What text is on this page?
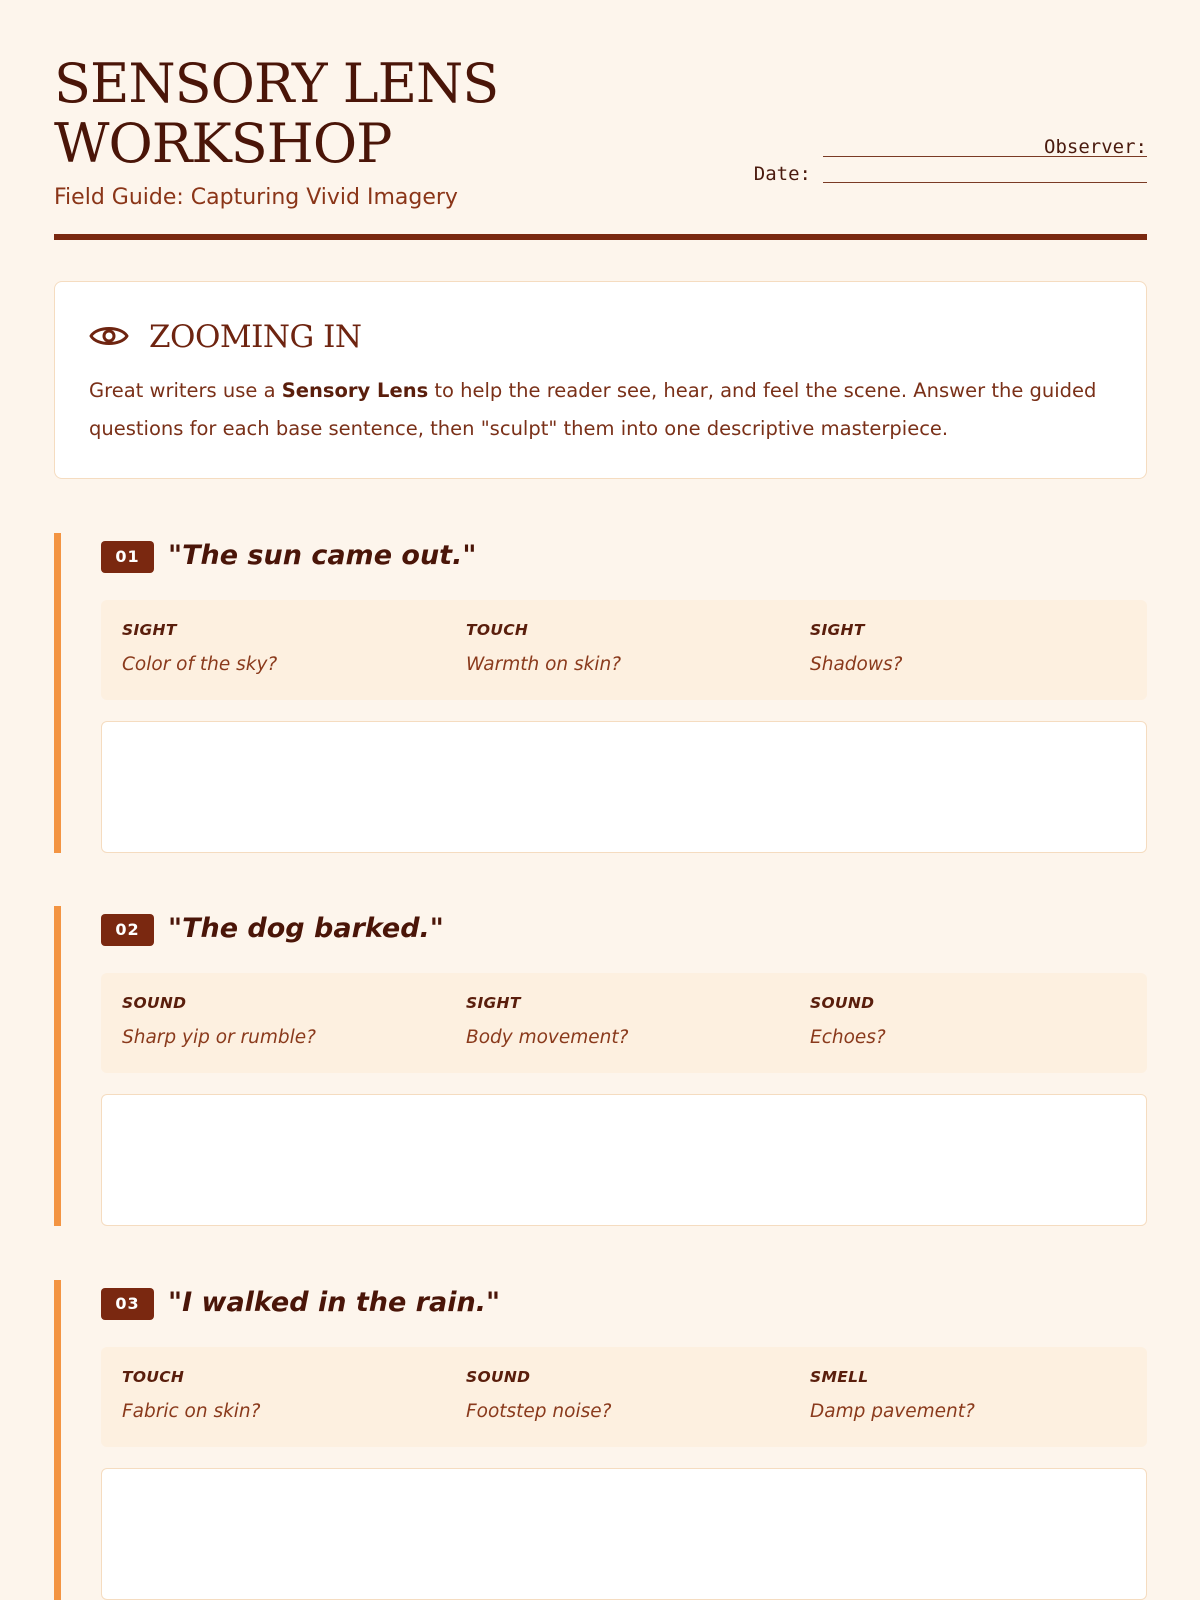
SENSORY LENS
WORKSHOP
Field Guide: Capturing Vivid Imagery
Observer:
Date:
ZOOMING IN

Great writers use a Sensory Lens to help the reader see, hear, and feel the scene. Answer the guided questions for each base sentence, then "sculpt" them into one descriptive masterpiece.

01	"The sun came out."
SIGHT
Color of the sky?
TOUCH
Warmth on skin?
SIGHT
Shadows?
02	"The dog barked."
SOUND
Sharp yip or rumble?
SIGHT
Body movement?
SOUND
Echoes?
03	"I walked in the rain."
TOUCH
Fabric on skin?
SOUND
Footstep noise?
SMELL
Damp pavement?
